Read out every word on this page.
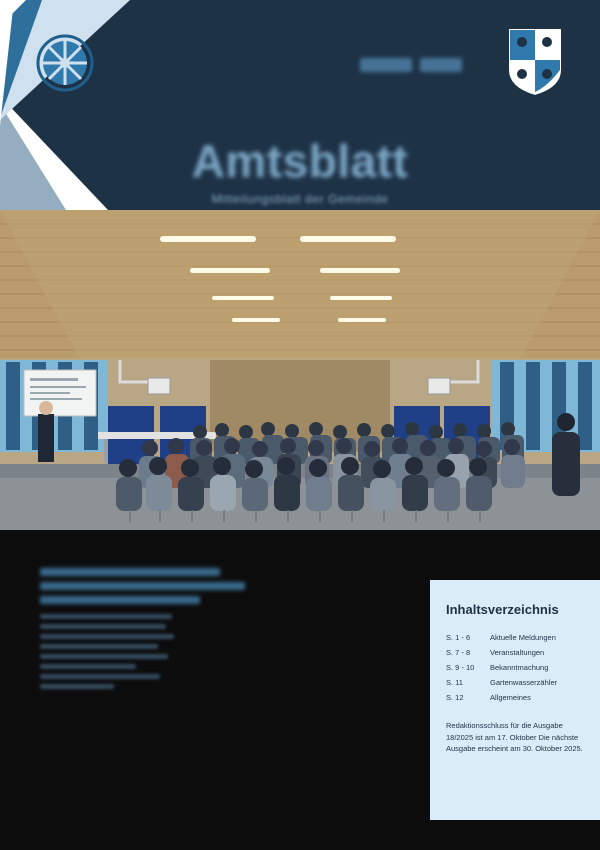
Amtsblatt
Mitteilungsblatt der Gemeinde
Inhaltsverzeichnis
S. 1 - 6	Aktuelle Meldungen
S. 7 - 8	Veranstaltungen
S. 9 - 10	Bekanntmachung
S. 11	Gartenwasserzähler
S. 12	Allgemeines
Redaktionsschluss für die Ausgabe 18/2025 ist am 17. Oktober Die nächste Ausgabe erscheint am 30. Oktober 2025.
